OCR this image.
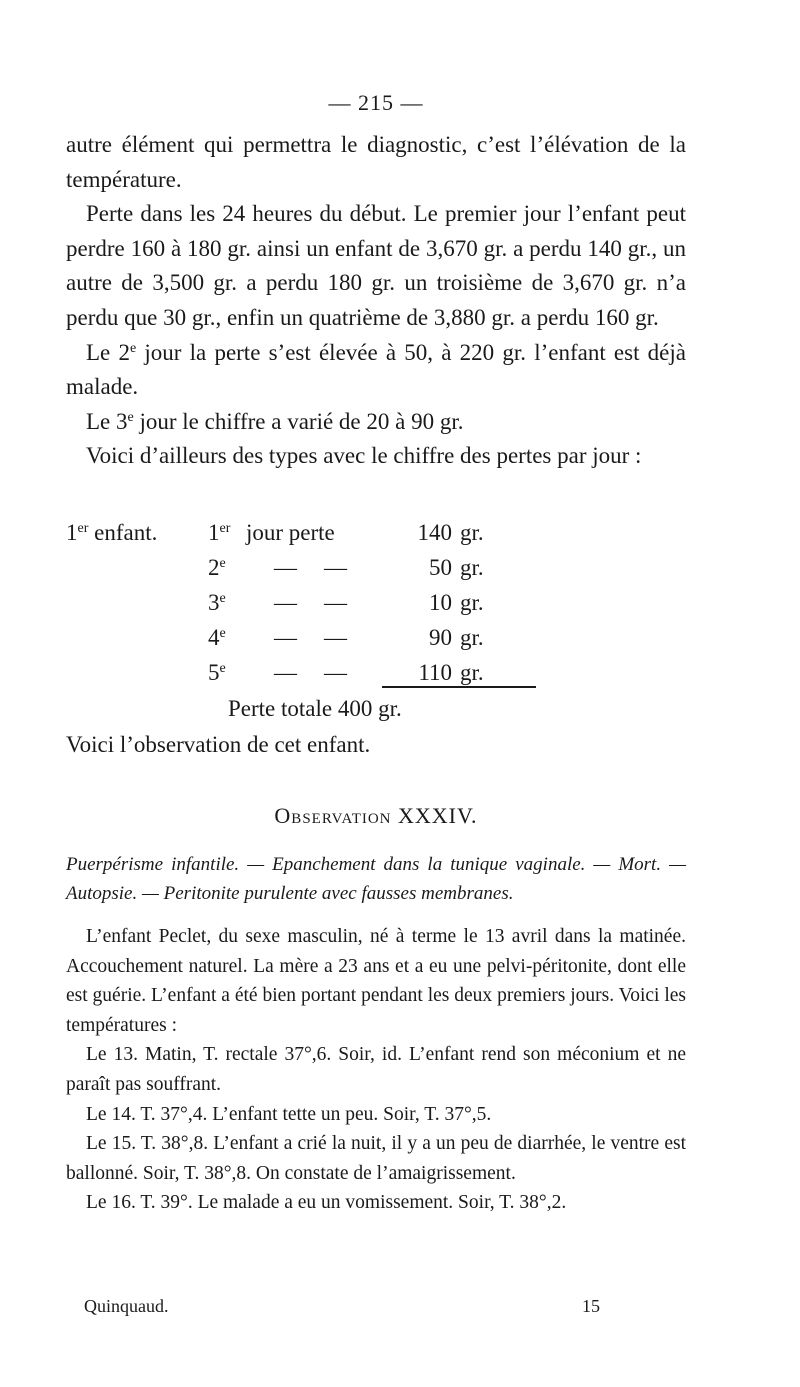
— 215 —

autre élément qui permettra le diagnostic, c’est l’élévation de la température.

Perte dans les 24 heures du début. Le premier jour l’enfant peut perdre 160 à 180 gr. ainsi un enfant de 3,670 gr. a perdu 140 gr., un autre de 3,500 gr. a perdu 180 gr. un troisième de 3,670 gr. n’a perdu que 30 gr., enfin un quatrième de 3,880 gr. a perdu 160 gr.

Le 2e jour la perte s’est élevée à 50, à 220 gr. l’enfant est déjà malade.

Le 3e jour le chiffre a varié de 20 à 90 gr.

Voici d’ailleurs des types avec le chiffre des pertes par jour :

1er enfant. 1er jour perte	140 gr.
2e — —	50 gr.
3e — —	10 gr.
4e — —	90 gr.
5e — —	110 gr.
Perte totale 400 gr.
Voici l’observation de cet enfant.
Observation XXXIV.
Puerpérisme infantile. — Epanchement dans la tunique vaginale. — Mort. — Autopsie. — Peritonite purulente avec fausses membranes.

L’enfant Peclet, du sexe masculin, né à terme le 13 avril dans la matinée. Accouchement naturel. La mère a 23 ans et a eu une pelvi-péritonite, dont elle est guérie. L’enfant a été bien portant pendant les deux premiers jours. Voici les températures :

Le 13. Matin, T. rectale 37°,6. Soir, id. L’enfant rend son méconium et ne paraît pas souffrant.

Le 14. T. 37°,4. L’enfant tette un peu. Soir, T. 37°,5.

Le 15. T. 38°,8. L’enfant a crié la nuit, il y a un peu de diarrhée, le ventre est ballonné. Soir, T. 38°,8. On constate de l’amaigrissement.

Le 16. T. 39°. Le malade a eu un vomissement. Soir, T. 38°,2.

Quinquaud.	15
